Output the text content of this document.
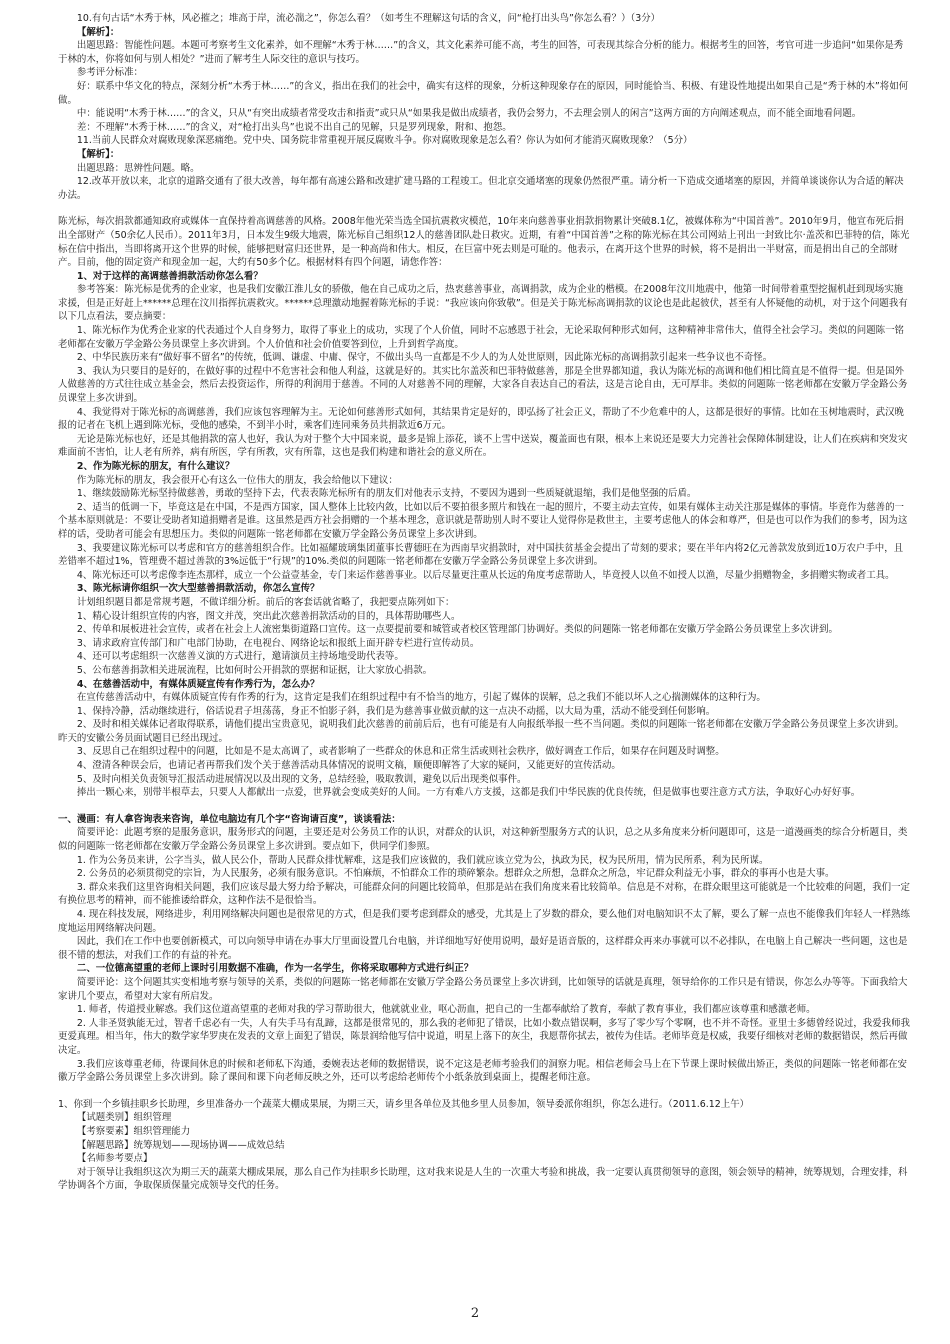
10.有句古话“木秀于林，风必摧之；堆高于岸，流必湍之”，你怎么看？（如考生不理解这句话的含义，问“枪打出头鸟”你怎么看？）（3分）

【解析】：

出题思路：智能性问题。本题可考察考生文化素养，如不理解“木秀于林……”的含义，其文化素养可能不高，考生的回答，可表现其综合分析的能力。根据考生的回答，考官可进一步追问“如果你是秀于林的木，你将如何与别人相处？”进而了解考生人际交往的意识与技巧。

参考评分标准：

好：联系中华文化的特点，深刻分析“木秀于林……”的含义，指出在我们的社会中，确实有这样的现象，分析这种现象存在的原因，同时能恰当、积极、有建设性地提出如果自己是“秀于林的木”将如何做。

中：能说明“木秀于林……”的含义，只从“有突出成绩者常受攻击和指责”或只从“如果我是做出成绩者，我仍会努力，不去理会别人的闲言”这两方面的方向阐述观点，而不能全面地看问题。

差：不理解“木秀于林……”的含义，对“枪打出头鸟”也说不出自己的见解，只是罗列现象，附和、抱怨。

11.当前人民群众对腐败现象深恶痛绝。党中央、国务院非常重视开展反腐败斗争。你对腐败现象是怎么看？你认为如何才能消灭腐败现象？（5分）

【解析】：

出题思路：思辨性问题。略。

12.改革开放以来，北京的道路交通有了很大改善，每年都有高速公路和改建扩建马路的工程竣工。但北京交通堵塞的现象仍然很严重。请分析一下造成交通堵塞的原因，并简单谈谈你认为合适的解决办法。

陈光标，每次捐款都通知政府或媒体一直保持着高调慈善的风格。2008年他光荣当选全国抗震救灾模范，10年来向慈善事业捐款捐物累计突破8.1亿，被媒体称为“中国首善”。2010年9月，他宣布死后捐出全部财产（50余亿人民币）。2011年3月，日本发生9级大地震，陈光标自己组织12人的慈善团队赴日救灾。近期，有着“中国首善”之称的陈光标在其公司网站上刊出一封致比尔·盖茨和巴菲特的信，陈光标在信中指出，当即将离开这个世界的时候，能够把财富归还世界，是一种高尚和伟大。相反，在巨富中死去则是可耻的。他表示，在离开这个世界的时候，将不是捐出一半财富，而是捐出自己的全部财产。目前，他的固定资产和现金加一起，大约有50多个亿。根据材料有四个问题，请您作答：

1、对于这样的高调慈善捐款活动你怎么看？

参考答案：陈光标是优秀的企业家，也是我们安徽江淮儿女的骄傲，他在自己成功之后，热衷慈善事业，高调捐款，成为企业的楷模。在2008年汶川地震中，他第一时间带着重型挖掘机赶到现场实施求援，但是正好赶上******总理在汶川指挥抗震救灾。******总理激动地握着陈光标的手说：“我应该向你致敬”。但是关于陈光标高调捐款的议论也是此起彼伏，甚至有人怀疑他的动机，对于这个问题我有以下几点看法，要点摘要：

1、陈光标作为优秀企业家的代表通过个人自身努力，取得了事业上的成功，实现了个人价值，同时不忘感恩于社会，无论采取何种形式如何，这种精神非常伟大，值得全社会学习。类似的问题陈一铭老师都在安徽万学金路公务员课堂上多次讲到。个人价值和社会价值要答到位，上升到哲学高度。

2、中华民族历来有“做好事不留名”的传统，低调、谦虚、中庸、保守，不做出头鸟一直都是不少人的为人处世原则，因此陈光标的高调捐款引起来一些争议也不奇怪。

3、我认为只要目的是好的，在做好事的过程中不危害社会和他人利益，这就是好的。其实比尔盖茨和巴菲特做慈善，那是全世界都知道，我认为陈光标的高调和他们相比简直是不值得一提。但是国外人做慈善的方式往往成立基金会，然后去投资运作，所得的利润用于慈善。不同的人对慈善不同的理解，大家各自表达自己的看法，这是言论自由，无可厚非。类似的问题陈一铭老师都在安徽万学金路公务员课堂上多次讲到。

4、我觉得对于陈光标的高调慈善，我们应该包容理解为主。无论如何慈善形式如何，其结果肯定是好的，即弘扬了社会正义，帮助了不少危难中的人，这都是很好的事情。比如在玉树地震时，武汉晚报的记者在飞机上遇到陈光标，受他的感染，不到半小时，乘客们连同乘务员共捐款近6万元。

无论是陈光标也好，还是其他捐款的富人也好，我认为对于整个大中国来说，最多是锦上添花，谈不上雪中送炭，覆盖面也有限，根本上来说还是要大力完善社会保障体制建设，让人们在疾病和突发灾难面前不害怕，让人老有所养，病有所医，学有所教，灾有所靠，这也是我们构建和谐社会的意义所在。

2、作为陈光标的朋友，有什么建议？

作为陈光标的朋友，我会很开心有这么一位伟大的朋友，我会给他以下建议：

1、继续鼓励陈光标坚持做慈善，勇敢的坚持下去，代表表陈光标所有的朋友们对他表示支持，不要因为遇到一些质疑就退缩，我们是他坚强的后盾。

2、适当的低调一下，毕竟这是在中国，不是西方国家，国人整体上比较内敛，比如以后不要拍很多照片和钱在一起的照片，不要主动去宣传，如果有媒体主动关注那是媒体的事情。毕竟作为慈善的一个基本原则就是：不要让受助者知道捐赠者是谁。这虽然是西方社会捐赠的一个基本理念，意识就是帮助别人时不要让人觉得你是救世主，主要考虑他人的体会和尊严，但是也可以作为我们的参考，因为这样的话，受助者可能会有思想压力。类似的问题陈一铭老师都在安徽万学金路公务员课堂上多次讲到。

3、我要建议陈光标可以考虑和官方的慈善组织合作。比如福耀玻璃集团董事长曹德旺在为西南旱灾捐款时，对中国扶贫基金会提出了苛刻的要求；要在半年内将2亿元善款发放到近10万农户手中，且差错率不超过1%，管理费不超过善款的3%远低于“行规”的10%.类似的问题陈一铭老师都在安徽万学金路公务员课堂上多次讲到。

4、陈光标还可以考虑像李连杰那样，成立一个公益壹基金，专门来运作慈善事业。以后尽量更注重从长远的角度考虑帮助人，毕竟授人以鱼不如授人以渔，尽量少捐赠物金，多捐赠实物或者工具。

3、陈光标请你组织一次大型慈善捐款活动，你怎么宣传？

计划组织题目都是常规考题，不做详细分析。前后的客套话就省略了，我把要点陈列如下：

1、精心设计组织宣传的内容，图文并茂，突出此次慈善捐款活动的目的，具体帮助哪些人。

2、传单和展板进社会宣传，或者在社会上人流密集街道路口宣传。这一点要提前要和城管或者校区管理部门协调好。类似的问题陈一铭老师都在安徽万学金路公务员课堂上多次讲到。

3、请求政府宣传部门和广电部门协助，在电视台、网络论坛和报纸上面开辟专栏进行宣传动员。

4、还可以考虑组织一次慈善义演的方式进行，邀请演员主持场地受助代表等。

5、公布慈善捐款相关进展流程，比如何时公开捐款的票据和证据，让大家放心捐款。

4、在慈善活动中，有媒体质疑宣传有作秀行为，怎么办？

在宣传慈善活动中，有媒体质疑宣传有作秀的行为，这肯定是我们在组织过程中有不恰当的地方，引起了媒体的误解，总之我们不能以坏人之心揣测媒体的这种行为。

1、保持冷静，活动继续进行，俗话说君子坦荡荡，身正不怕影子斜，我们是为慈善事业做贡献的这一点决不动摇，以大局为重，活动不能受到任何影响。

2、及时和相关媒体记者取得联系，请他们提出宝贵意见，说明我们此次慈善的前前后后，也有可能是有人向报纸举报一些不当问题。类似的问题陈一铭老师都在安徽万学金路公务员课堂上多次讲到。昨天的安徽公务员面试题目已经出现过。

3、反思自己在组织过程中的问题，比如是不是太高调了，或者影响了一些群众的休息和正常生活或则社会秩序，做好调查工作后，如果存在问题及时调整。

4、澄清各种误会后，也请记者再帮我们发个关于慈善活动具体情况的说明文稿，顺便即解答了大家的疑问，又能更好的宣传活动。

5、及时向相关负责领导汇报活动进展情况以及出现的文务，总结经验，吸取教训，避免以后出现类似事件。

捧出一颗心来，别带半根草去，只要人人都献出一点爱，世界就会变成美好的人间。一方有难八方支援，这都是我们中华民族的优良传统，但是做事也要注意方式方法，争取好心办好好事。

一、漫画：有人拿咨询表来咨询，单位电脑边有几个字“咨询请百度”，谈谈看法：

简要评论：此题考察的是服务意识，服务形式的问题，主要还是对公务员工作的认识，对群众的认识，对这种新型服务方式的认识，总之从多角度来分析问题即可，这是一道漫画类的综合分析题目，类似的问题陈一铭老师都在安徽万学金路公务员课堂上多次讲到。要点如下，供同学们参照。

1. 作为公务员来讲，公字当头，做人民公仆，帮助人民群众排忧解难，这是我们应该做的，我们就应该立党为公，执政为民，权为民所用，情为民所系，利为民所谋。

2. 公务员的必须贯彻党的宗旨，为人民服务，必须有服务意识。不怕麻烦，不怕群众工作的琐碎繁杂。想群众之所想，急群众之所急，牢记群众利益无小事，群众的事再小也是大事。

3. 群众来我们这里咨询相关问题，我们应该尽最大努力给予解决，可能群众问的问题比较简单，但那是站在我们角度来看比较简单。信息是不对称，在群众眼里这可能就是一个比较难的问题，我们一定有换位思考的精神，而不能推诿给群众，这种作法不是很恰当。

4. 现在科技发展，网络进步，利用网络解决问题也是很常见的方式，但是我们要考虑到群众的感受，尤其是上了岁数的群众，要么他们对电脑知识不太了解，要么了解一点也不能像我们年轻人一样熟练度地运用网络解决问题。

因此，我们在工作中也要创新模式，可以向领导申请在办事大厅里面设置几台电脑，并详细地写好使用说明，最好是语音版的，这样群众再来办事就可以不必排队，在电脑上自己解决一些问题，这也是很不错的想法，对我们工作的有益的补充。

二、一位德高望重的老师上课时引用数据不准确，作为一名学生，你将采取哪种方式进行纠正？

简要评论：这个问题其实变相地考察与领导的关系，类似的问题陈一铭老师都在安徽万学金路公务员课堂上多次讲到，比如领导的话就是真理，领导给你的工作只是有错误，你怎么办等等。下面我给大家讲几个要点，希望对大家有所启发。

1. 师者，传道授业解惑。我们这位道高望重的老师对我的学习帮助很大，他就就业业，呕心沥血，把自己的一生都奉献给了教育，奉献了教育事业，我们都应该尊重和感激老师。

2. 人非圣贤孰能无过，智者千虑必有一失，人有失手马有乱蹄，这都是很常见的，那么我的老师犯了错误，比如小数点错误啊，多写了零少写个零啊，也不并不奇怪。亚里士多德曾经说过，我爱我师我更爱真理。相当年，伟大的数学家华罗庚在发表的文章上面犯了错误，陈景润给他写信中说道，明星上落下的灰尘，我愿帮你拭去，被传为佳话。老师毕竟是权威，我要仔细核对老师的数据错误，然后再做决定。

3.我们应该尊重老师，待课间休息的时候和老师私下沟通，委婉表达老师的数据错误，说不定这是老师考验我们的洞察力呢。相信老师会马上在下节课上课时候做出矫正，类似的问题陈一铭老师都在安徽万学金路公务员课堂上多次讲到。除了课间和课下向老师反映之外，还可以考虑给老师传个小纸条放到桌面上，提醒老师注意。

1、你到一个乡镇挂职乡长助理，乡里准备办一个蔬菜大棚成果展，为期三天，请乡里各单位及其他乡里人员参加，领导委派你组织，你怎么进行。（2011.6.12上午）

【试题类别】组织管理

【考察要素】组织管理能力

【解题思路】统筹规划——现场协调——成效总结

【名师参考要点】

对于领导让我组织这次为期三天的蔬菜大棚成果展，那么自己作为挂职乡长助理，这对我来说是人生的一次重大考验和挑战，我一定要认真贯彻领导的意图，领会领导的精神，统筹规划，合理安排，科学协调各个方面，争取保质保量完成领导交代的任务。

2
